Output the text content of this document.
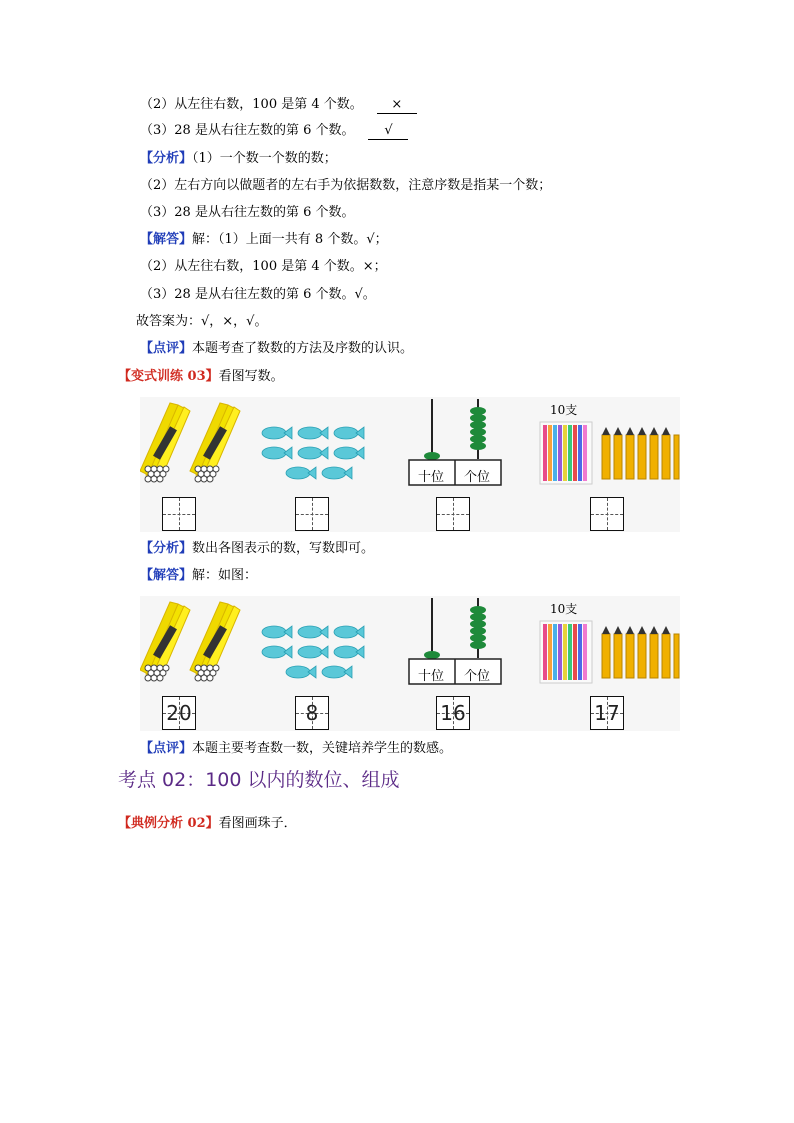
（2）从左往右数，100 是第 4 个数。 ×
（3）28 是从右往左数的第 6 个数。 √
【分析】（1）一个数一个数的数；
（2）左右方向以做题者的左右手为依据数数，注意序数是指某一个数；
（3）28 是从右往左数的第 6 个数。
【解答】解：（1）上面一共有 8 个数。√；
（2）从左往右数，100 是第 4 个数。×；
（3）28 是从右往左数的第 6 个数。√。
故答案为：√，×，√。
【点评】本题考查了数数的方法及序数的认识。
【变式训练 03】看图写数。
十位 个位
10支
【分析】数出各图表示的数，写数即可。
【解答】解：如图：
十位 个位
10支
20	8	16	17
【点评】本题主要考查数一数，关键培养学生的数感。
考点 02：100 以内的数位、组成
【典例分析 02】看图画珠子．
